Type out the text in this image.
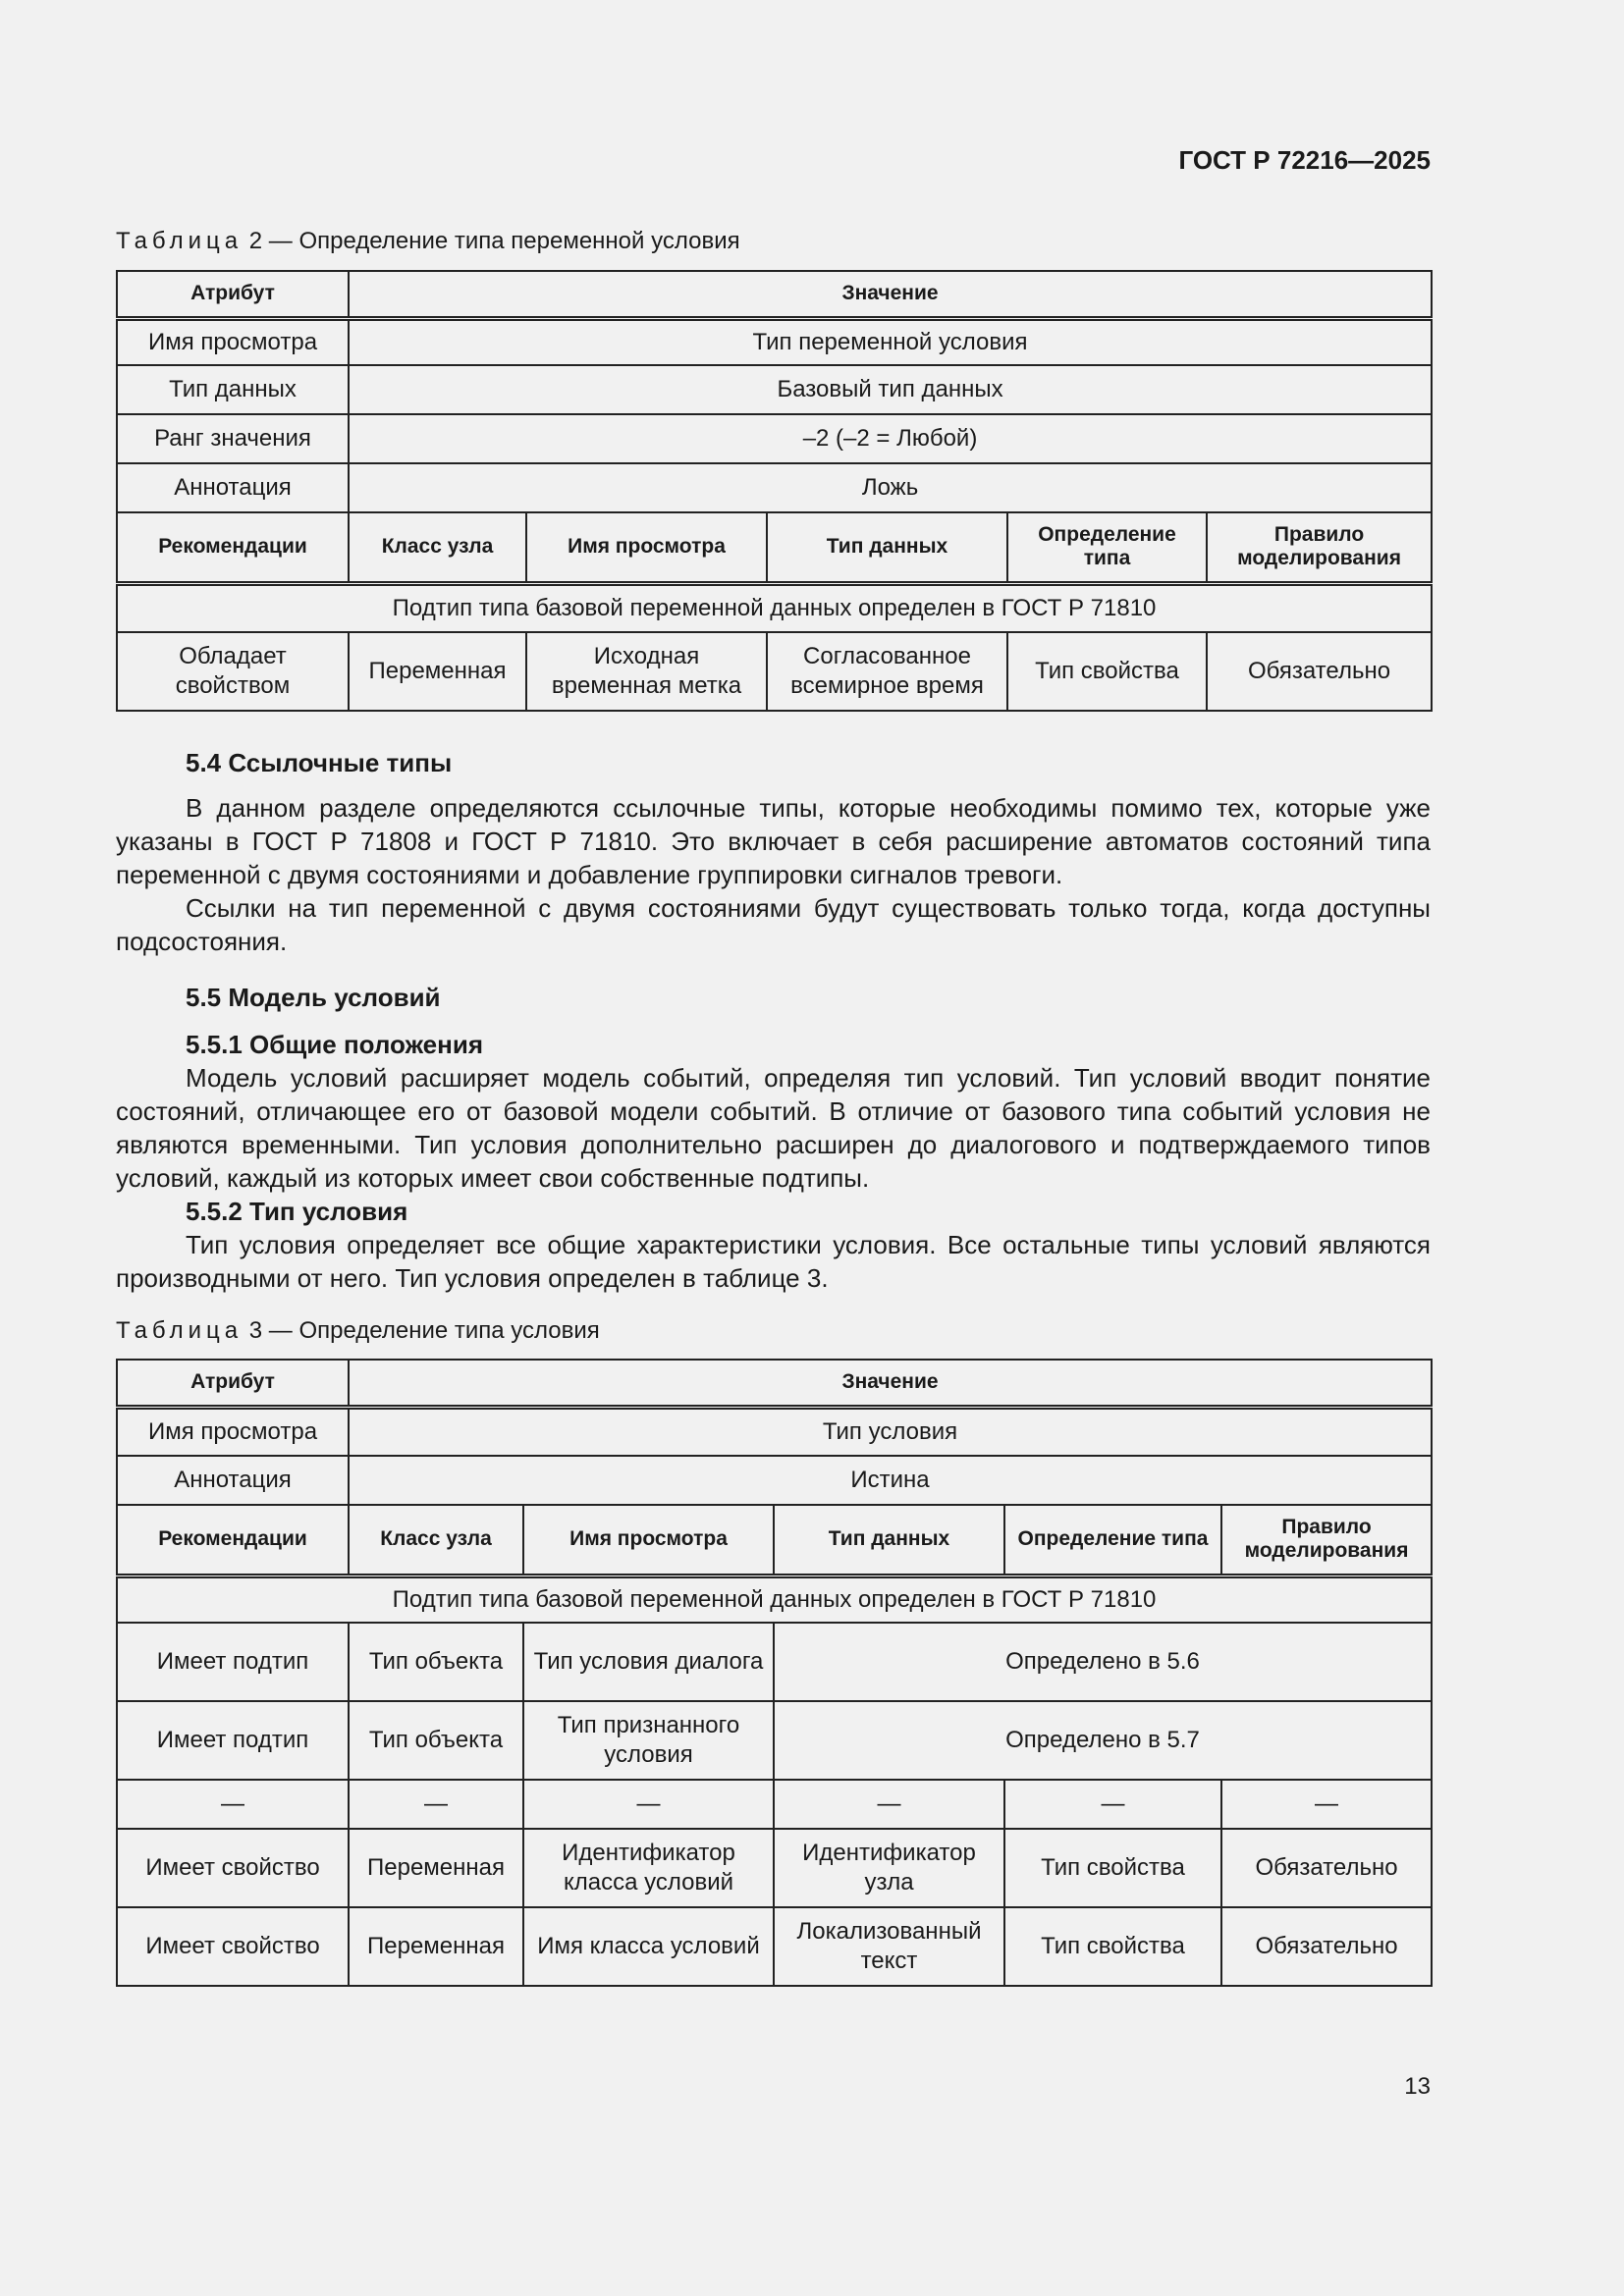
ГОСТ Р 72216—2025
Таблица 2 — Определение типа переменной условия
Атрибут	Значение				
Имя просмотра	Тип переменной условия				
Тип данных	Базовый тип данных				
Ранг значения	–2 (–2 = Любой)				
Аннотация	Ложь				
Рекомендации	Класс узла	Имя просмотра	Тип данных	Определение типа	Правило моделирования
Подтип типа базовой переменной данных определен в ГОСТ Р 71810					
Обладает свойством	Переменная	Исходная временная метка	Согласованное всемирное время	Тип свойства	Обязательно
5.4 Ссылочные типы

В данном разделе определяются ссылочные типы, которые необходимы помимо тех, которые уже указаны в ГОСТ Р 71808 и ГОСТ Р 71810. Это включает в себя расширение автоматов состояний типа переменной с двумя состояниями и добавление группировки сигналов тревоги.

Ссылки на тип переменной с двумя состояниями будут существовать только тогда, когда доступны подсостояния.

5.5 Модель условий
5.5.1 Общие положения

Модель условий расширяет модель событий, определяя тип условий. Тип условий вводит понятие состояний, отличающее его от базовой модели событий. В отличие от базового типа событий условия не являются временными. Тип условия дополнительно расширен до диалогового и подтверждаемого типов условий, каждый из которых имеет свои собственные подтипы.

5.5.2 Тип условия

Тип условия определяет все общие характеристики условия. Все остальные типы условий являются производными от него. Тип условия определен в таблице 3.

Таблица 3 — Определение типа условия
Атрибут	Значение				
Имя просмотра	Тип условия				
Аннотация	Истина				
Рекомендации	Класс узла	Имя просмотра	Тип данных	Определение типа	Правило моделирования
Подтип типа базовой переменной данных определен в ГОСТ Р 71810					
Имеет подтип	Тип объекта	Тип условия диалога	Определено в 5.6		
Имеет подтип	Тип объекта	Тип признанного условия	Определено в 5.7		
—	—	—	—	—	—
Имеет свойство	Переменная	Идентификатор класса условий	Идентификатор узла	Тип свойства	Обязательно
Имеет свойство	Переменная	Имя класса условий	Локализованный текст	Тип свойства	Обязательно
13
